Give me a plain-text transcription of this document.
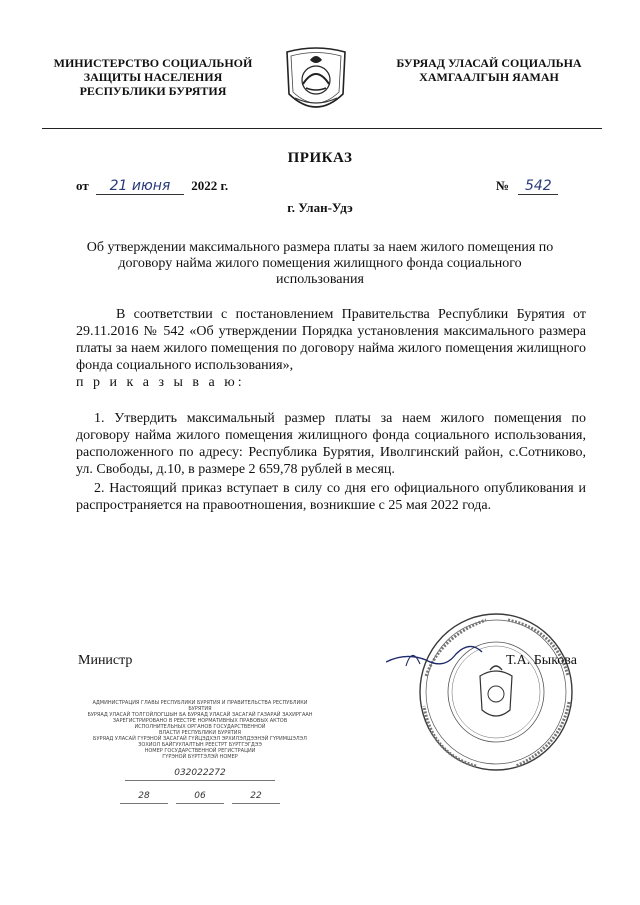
МИНИСТЕРСТВО СОЦИАЛЬНОЙ
ЗАЩИТЫ НАСЕЛЕНИЯ
РЕСПУБЛИКИ БУРЯТИЯ
БУРЯАД УЛАСАЙ СОЦИАЛЬНА
ХАМГААЛГЫН ЯАМАН
ПРИКАЗ
от 21 июня 2022 г.	№ 542
г. Улан-Удэ
Об утверждении максимального размера платы за наем жилого помещения по договору найма жилого помещения жилищного фонда социального использования
В соответствии с постановлением Правительства Республики Бурятия от 29.11.2016 № 542 «Об утверждении Порядка установления максимального размера платы за наем жилого помещения по договору найма жилого помещения жилищного фонда социального использования»,
п р и к а з ы в а ю:
1. Утвердить максимальный размер платы за наем жилого помещения по договору найма жилого помещения жилищного фонда социального использования, расположенного по адресу: Республика Бурятия, Иволгинский район, с.Сотниково, ул. Свободы, д.10, в размере 2 659,78 рублей в месяц.
2. Настоящий приказ вступает в силу со дня его официального опубликования и распространяется на правоотношения, возникшие с 25 мая 2022 года.
Министр	Т.А. Быкова
АДМИНИСТРАЦИЯ ГЛАВЫ РЕСПУБЛИКИ БУРЯТИЯ И ПРАВИТЕЛЬСТВА РЕСПУБЛИКИ БУРЯТИЯ
БУРЯАД УЛАСАЙ ТОЛГОЙЛОГШЫН БА БУРЯАД УЛАСАЙ ЗАСАГАЙ ГАЗАРАЙ ЗАХИРГААН
ЗАРЕГИСТРИРОВАНО В РЕЕСТРЕ НОРМАТИВНЫХ ПРАВОВЫХ АКТОВ
ИСПОЛНИТЕЛЬНЫХ ОРГАНОВ ГОСУДАРСТВЕННОЙ
ВЛАСТИ РЕСПУБЛИКИ БУРЯТИЯ
БУРЯАД УЛАСАЙ ГҮРЭНОЙ ЗАСАГАЙ ГҮЙЦЭДХЭЛ ЭРХИЛЭЛДЭЭНЭЙ ГҮРИМШЭЛЭЛ
ЗОХИОЛ БАЙГУУЛАЛТЫН РЕЕСТРТ БҮРТГЭГДЭЭ
НОМЕР ГОСУДАРСТВЕННОЙ РЕГИСТРАЦИИ
ГҮРЭНОЙ БҮРТГЭЛЭЙ НОМЕР
032022272
28	06	22
